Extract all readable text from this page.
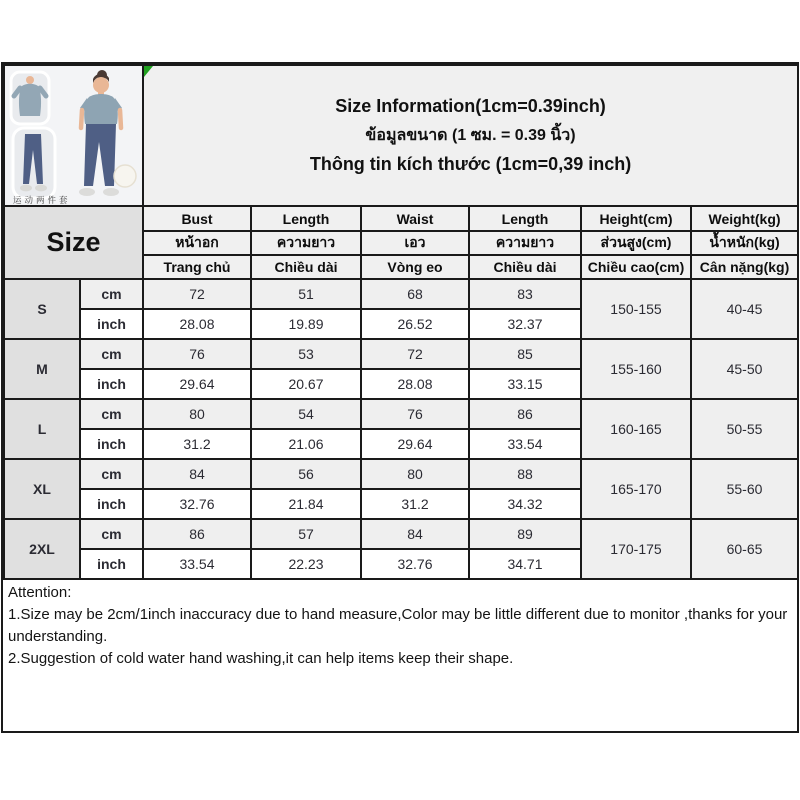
运动两件套		Size Information(1cm=0.39inch)
ข้อมูลขนาด (1 ซม. = 0.39 นิ้ว)
Thông tin kích thước (1cm=0,39 inch)					

Size		Bust	Length	Waist	Length	Height(cm)	Weight(kg)
		หน้าอก	ความยาว	เอว	ความยาว	ส่วนสูง(cm)	น้ำหนัก(kg)
		Trang chủ	Chiều dài	Vòng eo	Chiều dài	Chiều cao(cm)	Cân nặng(kg)
S	cm	72	51	68	83	150-155	40-45
	inch	28.08	19.89	26.52	32.37		
M	cm	76	53	72	85	155-160	45-50
	inch	29.64	20.67	28.08	33.15		
L	cm	80	54	76	86	160-165	50-55
	inch	31.2	21.06	29.64	33.54		
XL	cm	84	56	80	88	165-170	55-60
	inch	32.76	21.84	31.2	34.32		
2XL	cm	86	57	84	89	170-175	60-65
	inch	33.54	22.23	32.76	34.71		

Attention:

1.Size may be 2cm/1inch inaccuracy due to hand measure,Color may be little different due to monitor ,thanks for your understanding.

2.Suggestion of cold water hand washing,it can help items keep their shape.
